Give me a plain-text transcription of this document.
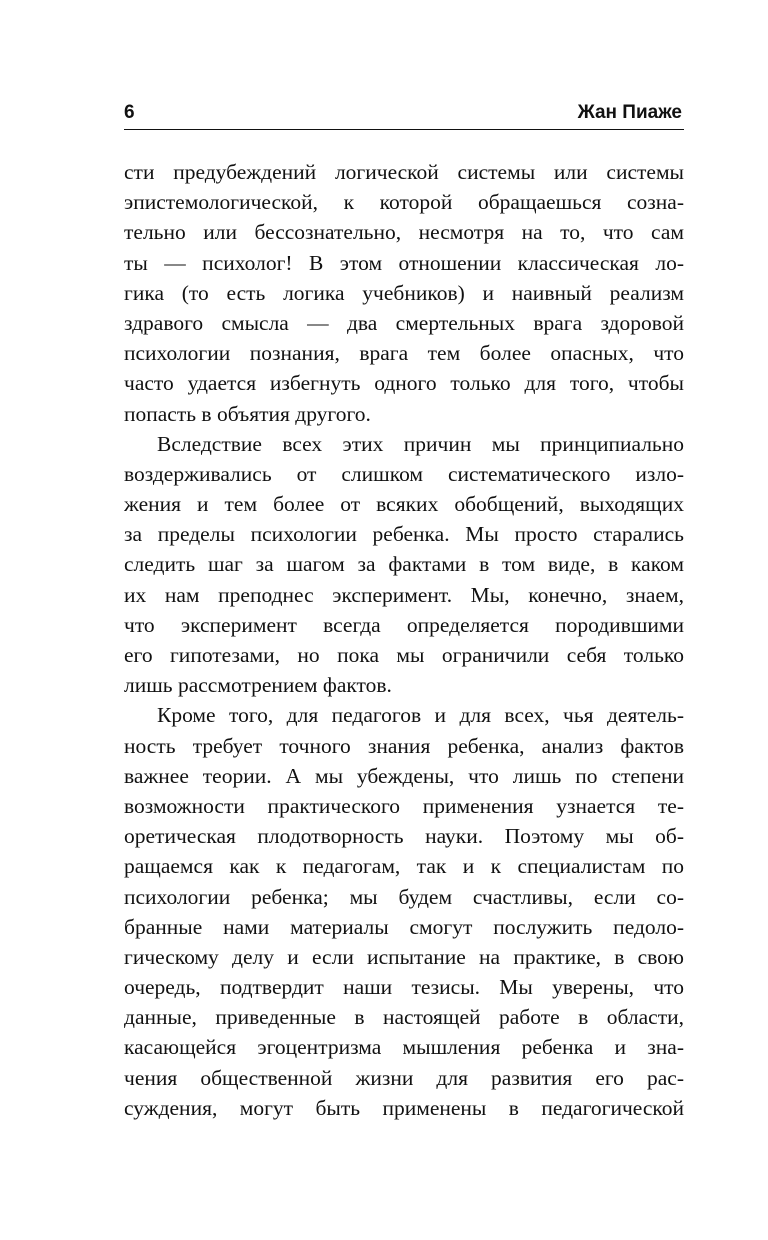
6	Жан Пиаже
сти предубеждений логической системы или системы
эпистемологической, к которой обращаешься созна-
тельно или бессознательно, несмотря на то, что сам
ты — психолог! В этом отношении классическая ло-
гика (то есть логика учебников) и наивный реализм
здравого смысла — два смертельных врага здоровой
психологии познания, врага тем более опасных, что
часто удается избегнуть одного только для того, чтобы
попасть в объятия другого.
Вследствие всех этих причин мы принципиально
воздерживались от слишком систематического изло-
жения и тем более от всяких обобщений, выходящих
за пределы психологии ребенка. Мы просто старались
следить шаг за шагом за фактами в том виде, в каком
их нам преподнес эксперимент. Мы, конечно, знаем,
что эксперимент всегда определяется породившими
его гипотезами, но пока мы ограничили себя только
лишь рассмотрением фактов.
Кроме того, для педагогов и для всех, чья деятель-
ность требует точного знания ребенка, анализ фактов
важнее теории. А мы убеждены, что лишь по степени
возможности практического применения узнается те-
оретическая плодотворность науки. Поэтому мы об-
ращаемся как к педагогам, так и к специалистам по
психологии ребенка; мы будем счастливы, если со-
бранные нами материалы смогут послужить педоло-
гическому делу и если испытание на практике, в свою
очередь, подтвердит наши тезисы. Мы уверены, что
данные, приведенные в настоящей работе в области,
касающейся эгоцентризма мышления ребенка и зна-
чения общественной жизни для развития его рас-
суждения, могут быть применены в педагогической
